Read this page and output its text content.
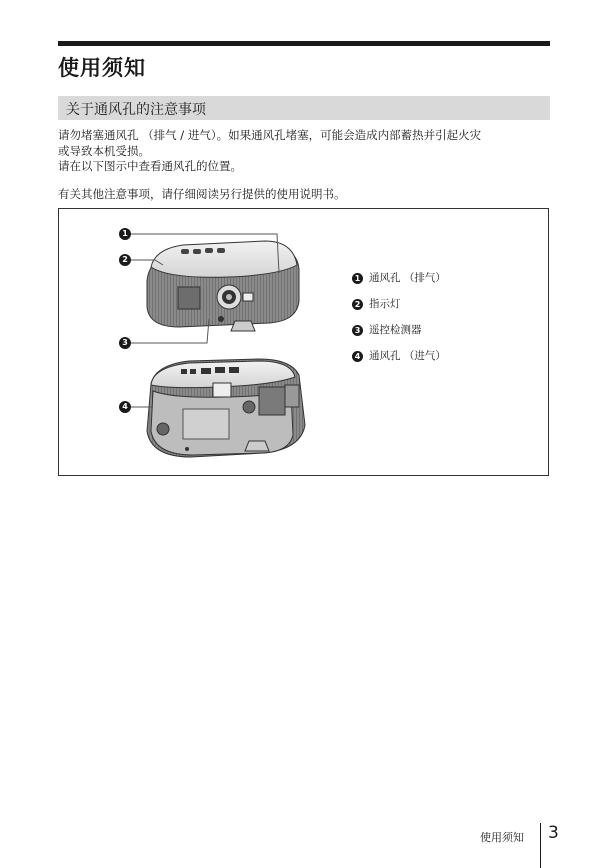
使用须知
关于通风孔的注意事项

请勿堵塞通风孔 （排气 / 进气）。如果通风孔堵塞，可能会造成内部蓄热并引起火灾
或导致本机受损。

请在以下图示中查看通风孔的位置。

有关其他注意事项，请仔细阅读另行提供的使用说明书。

1
2
3
4
1 通风孔 （排气）
2 指示灯
3 遥控检测器
4 通风孔 （进气）
使用须知 3
